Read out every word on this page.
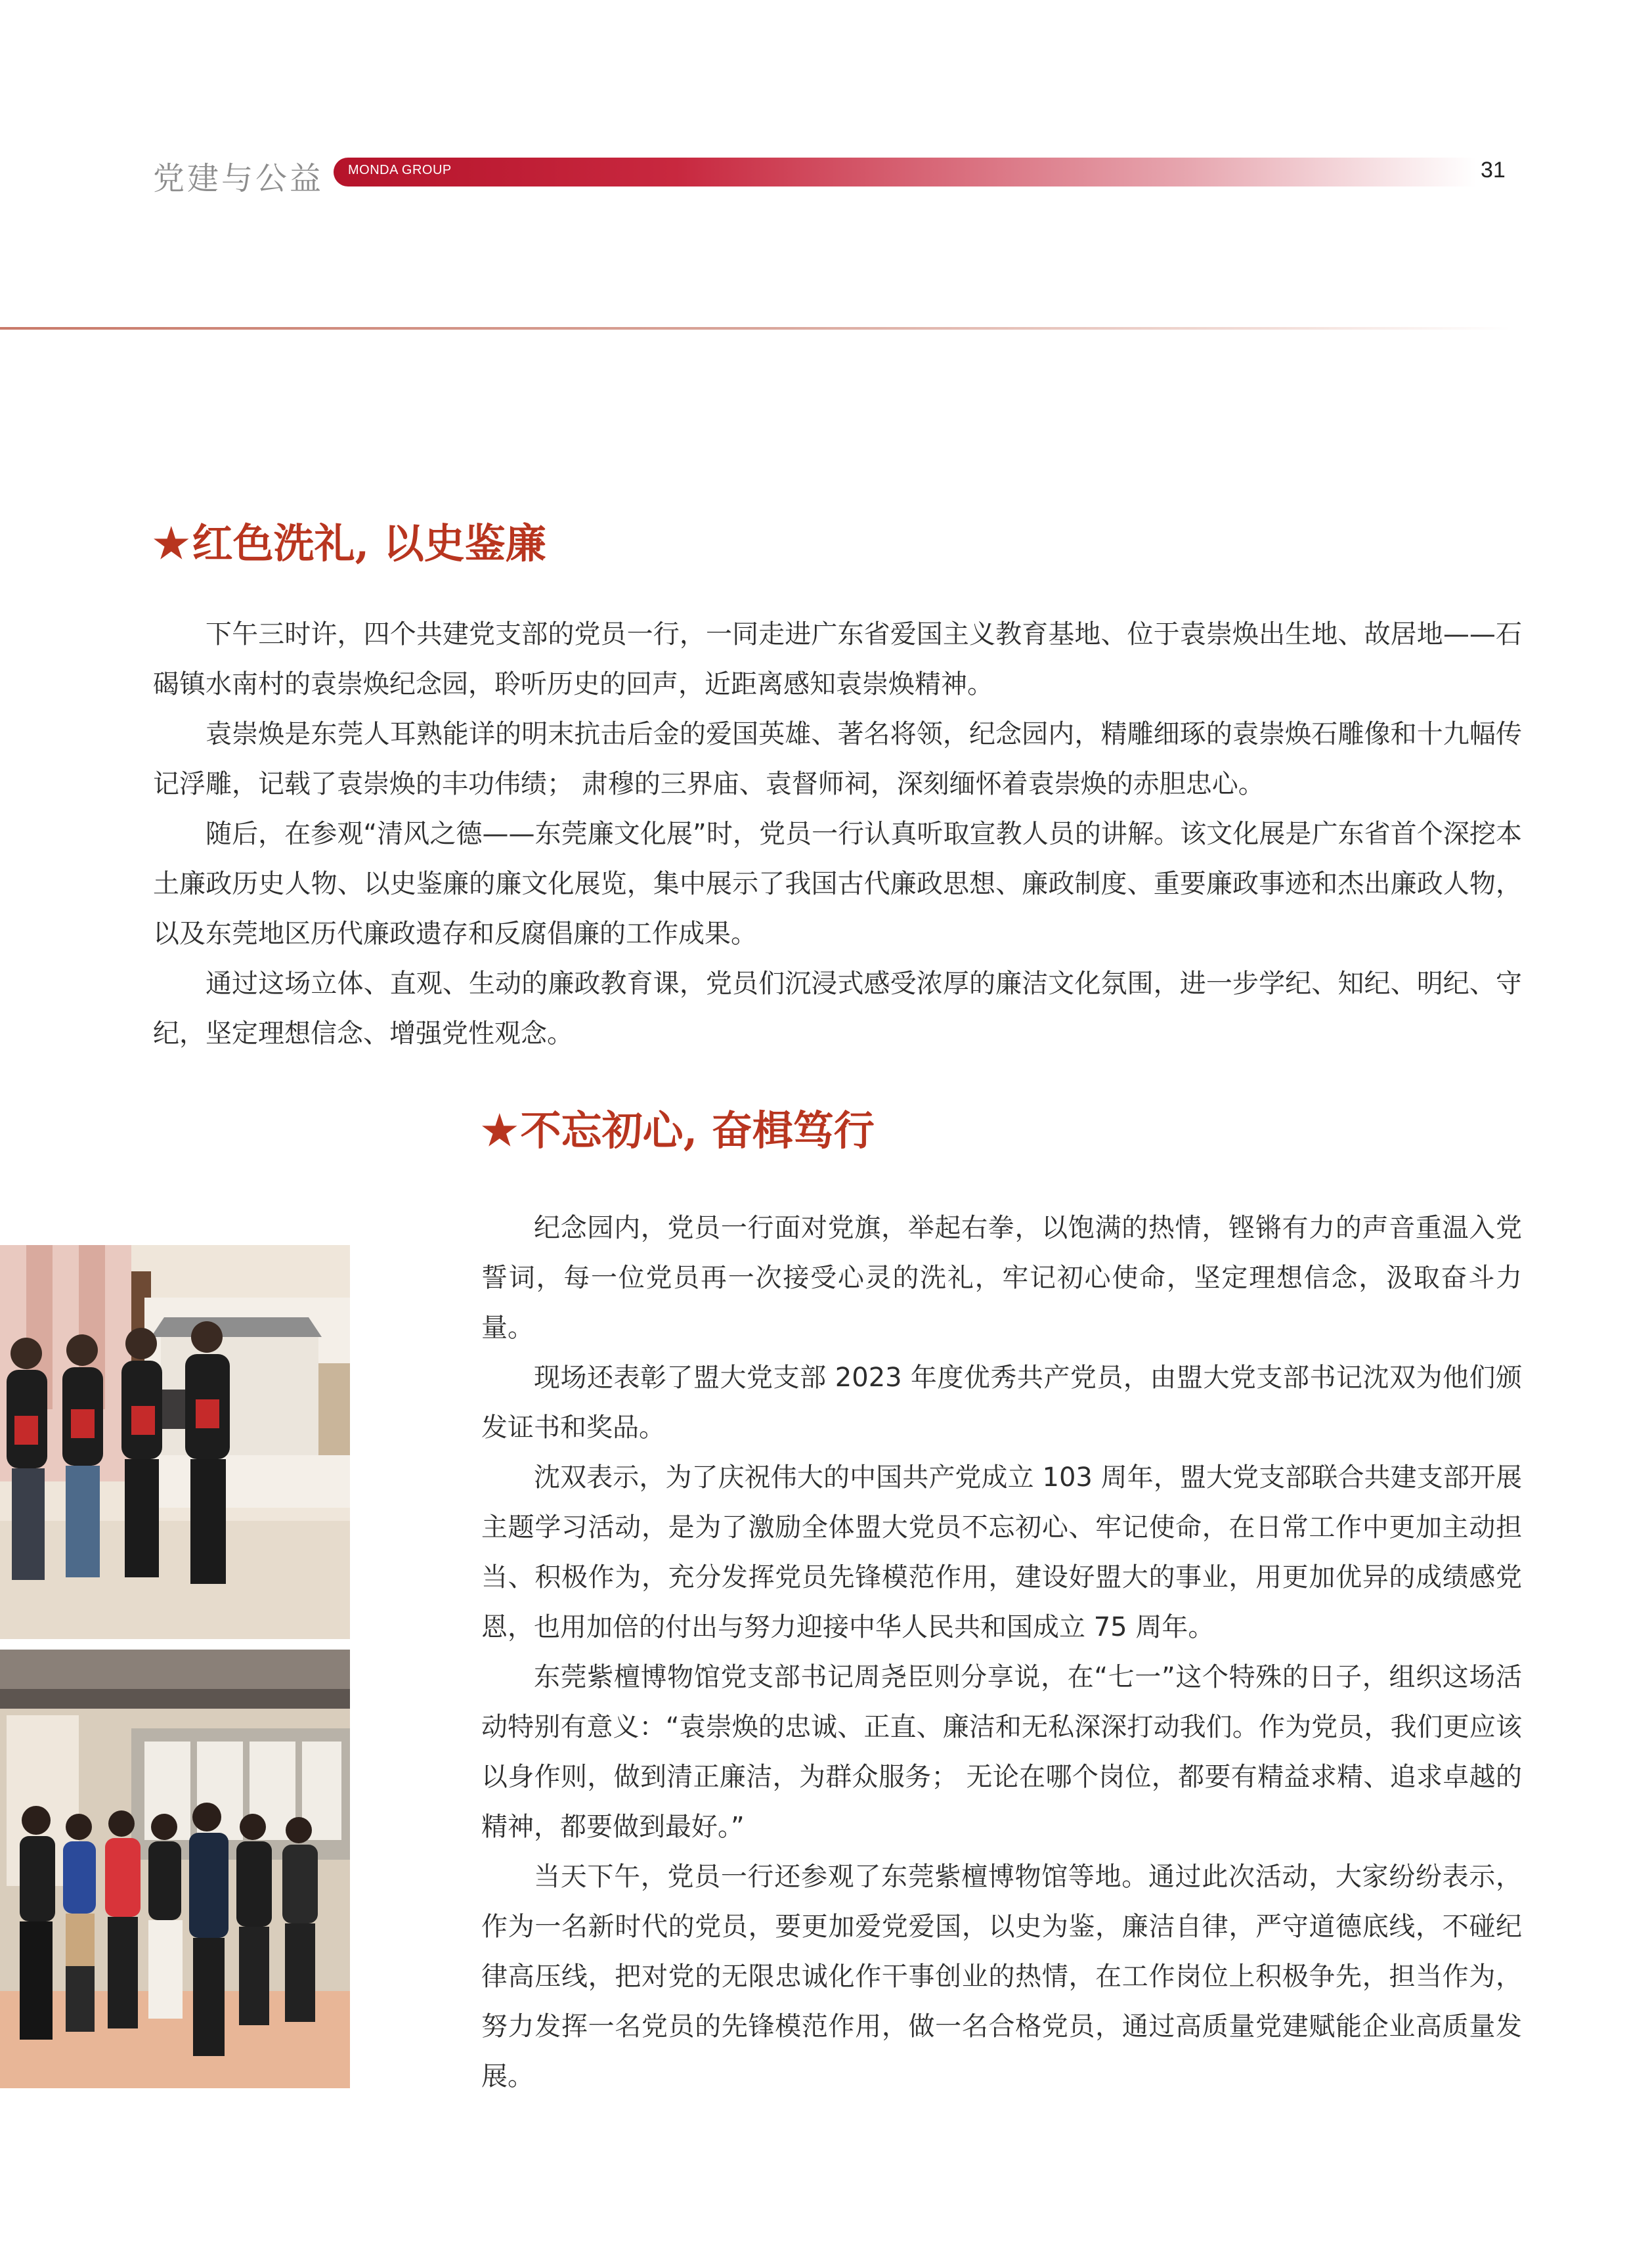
党建与公益 MONDA GROUP	31
★红色洗礼, 以史鉴廉

下午三时许，四个共建党支部的党员一行，一同走进广东省爱国主义教育基地、位于袁崇焕出生地、故居地——石碣镇水南村的袁崇焕纪念园，聆听历史的回声，近距离感知袁崇焕精神。

袁崇焕是东莞人耳熟能详的明末抗击后金的爱国英雄、著名将领，纪念园内，精雕细琢的袁崇焕石雕像和十九幅传记浮雕，记载了袁崇焕的丰功伟绩； 肃穆的三界庙、袁督师祠，深刻缅怀着袁崇焕的赤胆忠心。

随后，在参观“清风之德——东莞廉文化展”时，党员一行认真听取宣教人员的讲解。该文化展是广东省首个深挖本土廉政历史人物、以史鉴廉的廉文化展览，集中展示了我国古代廉政思想、廉政制度、重要廉政事迹和杰出廉政人物，以及东莞地区历代廉政遗存和反腐倡廉的工作成果。

通过这场立体、直观、生动的廉政教育课，党员们沉浸式感受浓厚的廉洁文化氛围，进一步学纪、知纪、明纪、守纪，坚定理想信念、增强党性观念。

★不忘初心, 奋楫笃行

纪念园内，党员一行面对党旗，举起右拳，以饱满的热情，铿锵有力的声音重温入党誓词，每一位党员再一次接受心灵的洗礼，牢记初心使命，坚定理想信念，汲取奋斗力量。

现场还表彰了盟大党支部 2023 年度优秀共产党员，由盟大党支部书记沈双为他们颁发证书和奖品。

沈双表示，为了庆祝伟大的中国共产党成立 103 周年，盟大党支部联合共建支部开展主题学习活动，是为了激励全体盟大党员不忘初心、牢记使命，在日常工作中更加主动担当、积极作为，充分发挥党员先锋模范作用，建设好盟大的事业，用更加优异的成绩感党恩，也用加倍的付出与努力迎接中华人民共和国成立 75 周年。

东莞紫檀博物馆党支部书记周尧臣则分享说，在“七一”这个特殊的日子，组织这场活动特别有意义：“袁崇焕的忠诚、正直、廉洁和无私深深打动我们。作为党员，我们更应该以身作则，做到清正廉洁，为群众服务； 无论在哪个岗位，都要有精益求精、追求卓越的精神，都要做到最好。”

当天下午，党员一行还参观了东莞紫檀博物馆等地。通过此次活动，大家纷纷表示，作为一名新时代的党员，要更加爱党爱国，以史为鉴，廉洁自律，严守道德底线，不碰纪律高压线，把对党的无限忠诚化作干事创业的热情，在工作岗位上积极争先，担当作为，努力发挥一名党员的先锋模范作用，做一名合格党员，通过高质量党建赋能企业高质量发展。
